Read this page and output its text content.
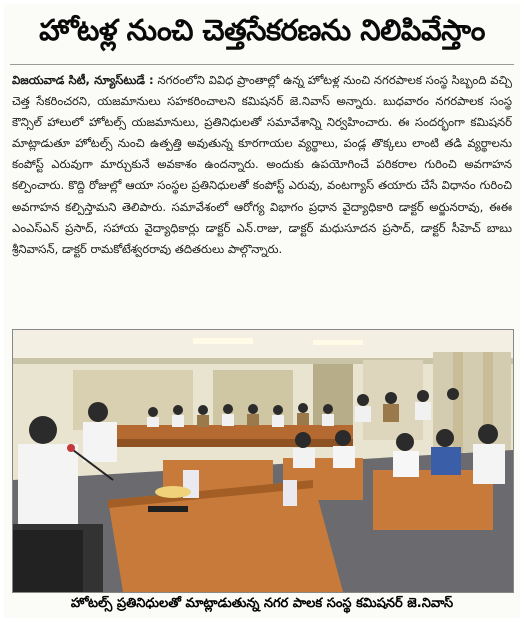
హోటళ్ల నుంచి చెత్తసేకరణను నిలిపివేస్తాం
విజయవాడ సిటీ, న్యూస్‌టుడే : నగరంలోని వివిధ ప్రాంతాల్లో ఉన్న హోటళ్ల నుంచి నగరపాలక సంస్థ సిబ్బంది వచ్చి చెత్త సేకరించరని, యజమానులు సహకరించాలని కమిషనర్ జె.నివాస్ అన్నారు. బుధవారం నగరపాలక సంస్థ కౌన్సిల్ హాలులో హోటల్స్ యజమానులు, ప్రతినిధులతో సమావేశాన్ని నిర్వహించారు. ఈ సందర్భంగా కమిషనర్ మాట్లాడుతూ హోటల్స్ నుంచి ఉత్పత్తి అవుతున్న కూరగాయల వ్యర్థాలు, పండ్ల తొక్కలు లాంటి తడి వ్యర్థాలను కంపోస్ట్ ఎరువుగా మార్చుకునే అవకాశం ఉందన్నారు. అందుకు ఉపయోగించే పరికరాల గురించి అవగాహన కల్పించారు. కొద్ది రోజుల్లో ఆయా సంస్థల ప్రతినిధులతో కంపోస్ట్ ఎరువు, వంటగ్యాస్ తయారు చేసే విధానం గురించి అవగాహన కల్పిస్తామని తెలిపారు. సమావేశంలో ఆరోగ్య విభాగం ప్రధాన వైద్యాధికారి డాక్టర్ అర్జునరావు, ఈఈ ఎంఎస్ఎన్ ప్రసాద్, సహాయ వైద్యాధికార్లు డాక్టర్ ఎన్.రాజు, డాక్టర్ మధుసూదన ప్రసాద్, డాక్టర్ సీహెచ్ బాబు శ్రీనివాసన్, డాక్టర్ రామకోటేశ్వరరావు తదితరులు పాల్గొన్నారు.
హోటల్స్ ప్రతినిధులతో మాట్లాడుతున్న నగర పాలక సంస్థ కమిషనర్ జె.నివాస్
